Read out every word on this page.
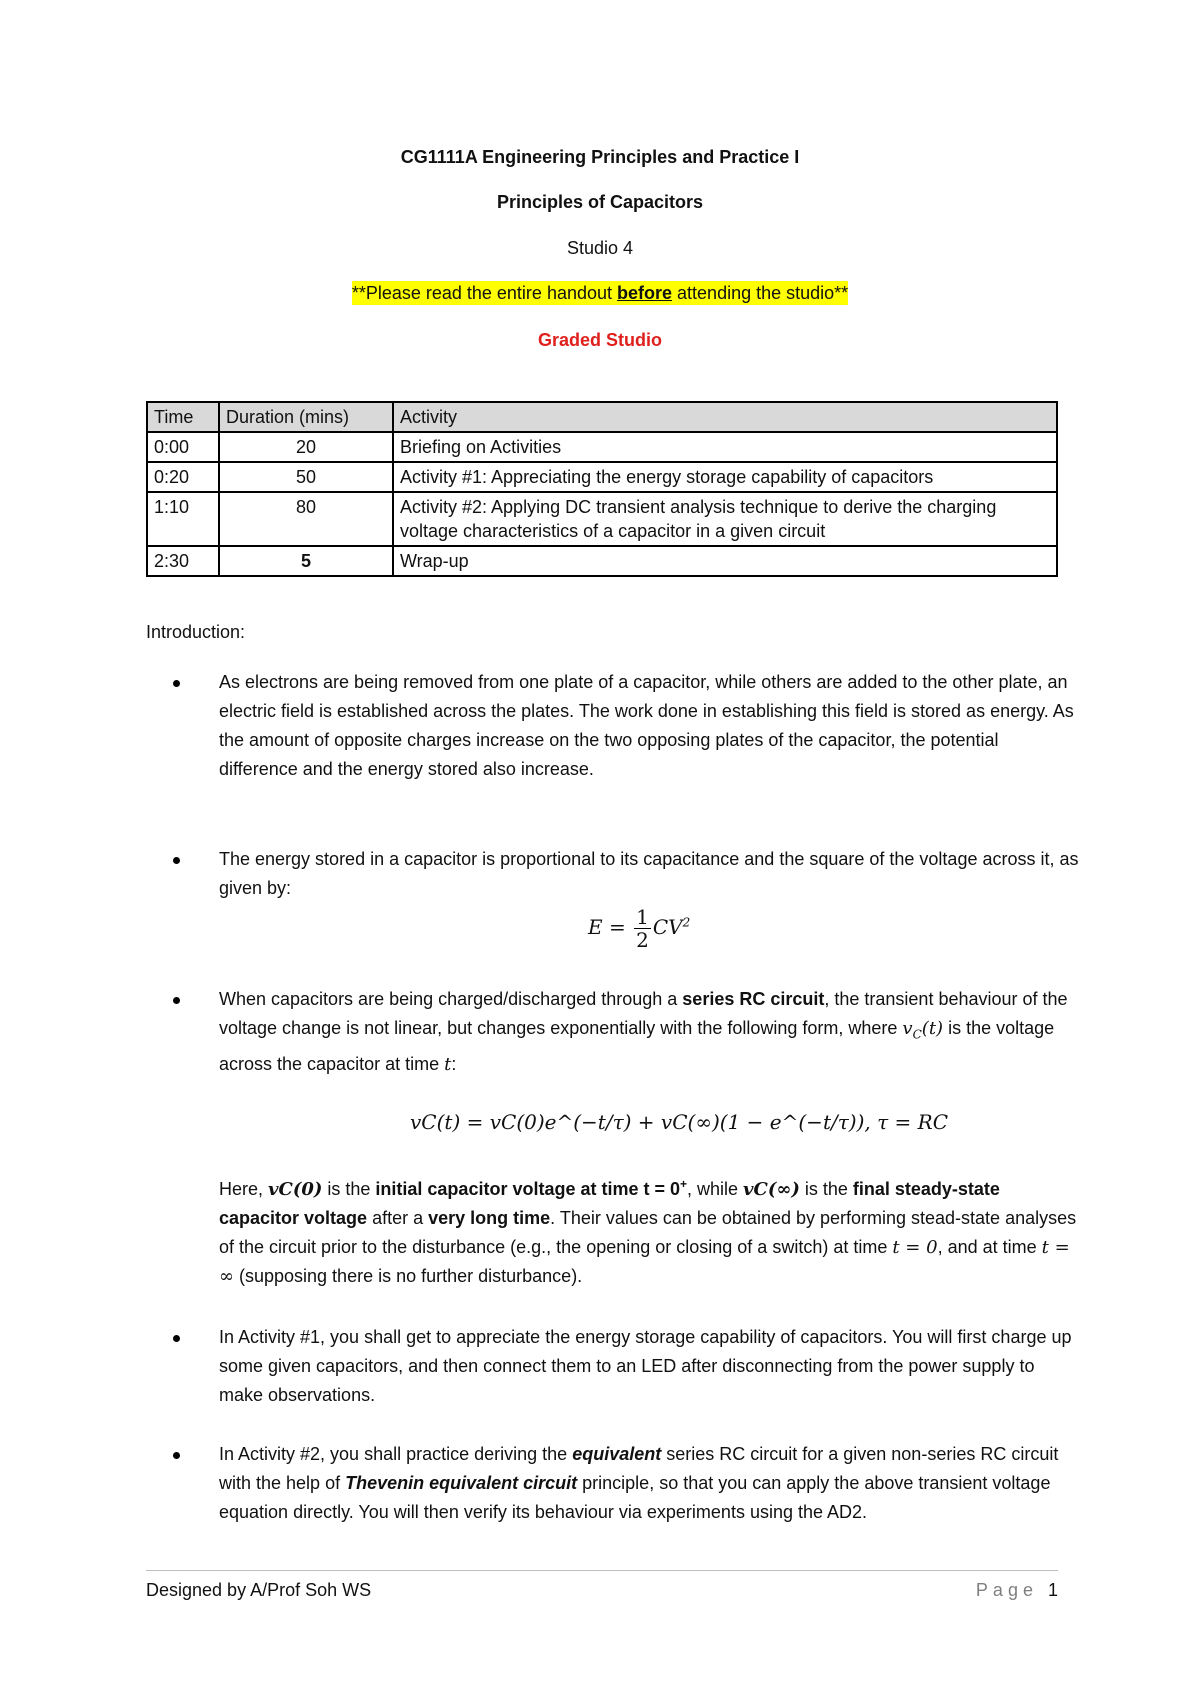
CG1111A Engineering Principles and Practice I
Principles of Capacitors
Studio 4
**Please read the entire handout before attending the studio**
Graded Studio
Time	Duration (mins)	Activity
0:00	20	Briefing on Activities
0:20	50	Activity #1: Appreciating the energy storage capability of capacitors
1:10	80	Activity #2: Applying DC transient analysis technique to derive the charging voltage characteristics of a capacitor in a given circuit
2:30	5	Wrap-up
Introduction:
As electrons are being removed from one plate of a capacitor, while others are added to the other plate, an electric field is established across the plates. The work done in establishing this field is stored as energy. As the amount of opposite charges increase on the two opposing plates of the capacitor, the potential difference and the energy stored also increase.
The energy stored in a capacitor is proportional to its capacitance and the square of the voltage across it, as given by:
$E = \frac{1}{2} CV^2$
When capacitors are being charged/discharged through a series RC circuit, the transient behaviour of the voltage change is not linear, but changes exponentially with the following form, where $v_C(t)$ is the voltage across the capacitor at time t:
vC(t) = vC(0)e^(−t/τ) + vC(∞)(1 − e^(−t/τ)), τ = RC
Here, vC(0) is the initial capacitor voltage at time t = 0+, while vC(∞) is the final steady-state capacitor voltage after a very long time. Their values can be obtained by performing stead-state analyses of the circuit prior to the disturbance (e.g., the opening or closing of a switch) at time t = 0, and at time t = ∞ (supposing there is no further disturbance).
In Activity #1, you shall get to appreciate the energy storage capability of capacitors. You will first charge up some given capacitors, and then connect them to an LED after disconnecting from the power supply to make observations.
In Activity #2, you shall practice deriving the equivalent series RC circuit for a given non-series RC circuit with the help of Thevenin equivalent circuit principle, so that you can apply the above transient voltage equation directly. You will then verify its behaviour via experiments using the AD2.
Designed by A/Prof Soh WS	Page 1
